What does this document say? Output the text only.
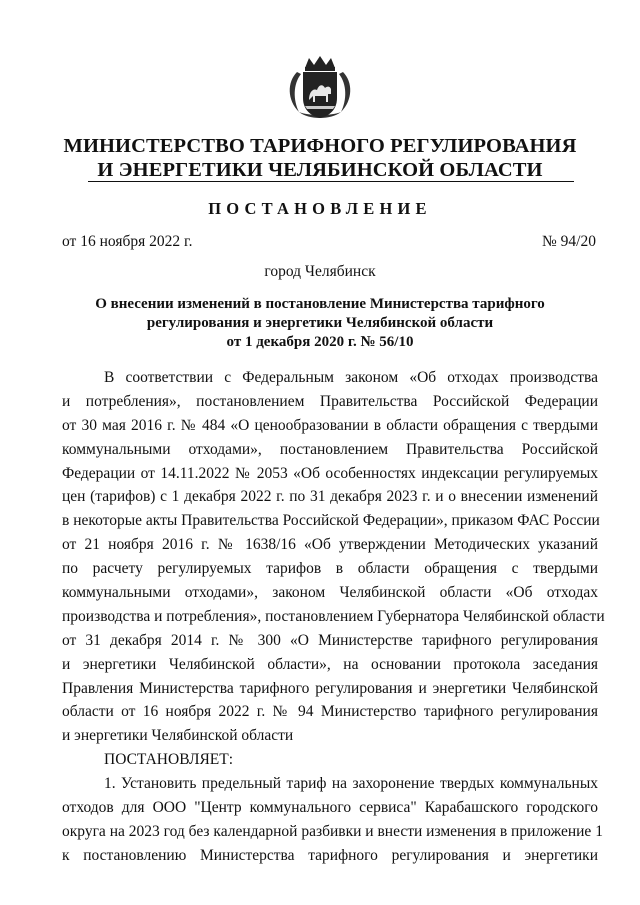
МИНИСТЕРСТВО ТАРИФНОГО РЕГУЛИРОВАНИЯ
И ЭНЕРГЕТИКИ ЧЕЛЯБИНСКОЙ ОБЛАСТИ
ПОСТАНОВЛЕНИЕ
от 16 ноября 2022 г.	№ 94/20
город Челябинск
О внесении изменений в постановление Министерства тарифного
регулирования и энергетики Челябинской области
от 1 декабря 2020 г. № 56/10
В соответствии с Федеральным законом «Об отходах производства
и потребления», постановлением Правительства Российской Федерации
от 30 мая 2016 г. № 484 «О ценообразовании в области обращения с твердыми
коммунальными отходами», постановлением Правительства Российской
Федерации от 14.11.2022 № 2053 «Об особенностях индексации регулируемых
цен (тарифов) с 1 декабря 2022 г. по 31 декабря 2023 г. и о внесении изменений
в некоторые акты Правительства Российской Федерации», приказом ФАС России
от 21 ноября 2016 г. № 1638/16 «Об утверждении Методических указаний
по расчету регулируемых тарифов в области обращения с твердыми
коммунальными отходами», законом Челябинской области «Об отходах
производства и потребления», постановлением Губернатора Челябинской области
от 31 декабря 2014 г. № 300 «О Министерстве тарифного регулирования
и энергетики Челябинской области», на основании протокола заседания
Правления Министерства тарифного регулирования и энергетики Челябинской
области от 16 ноября 2022 г. № 94 Министерство тарифного регулирования
и энергетики Челябинской области
ПОСТАНОВЛЯЕТ:
1. Установить предельный тариф на захоронение твердых коммунальных
отходов для ООО "Центр коммунального сервиса" Карабашского городского
округа на 2023 год без календарной разбивки и внести изменения в приложение 1
к постановлению Министерства тарифного регулирования и энергетики
